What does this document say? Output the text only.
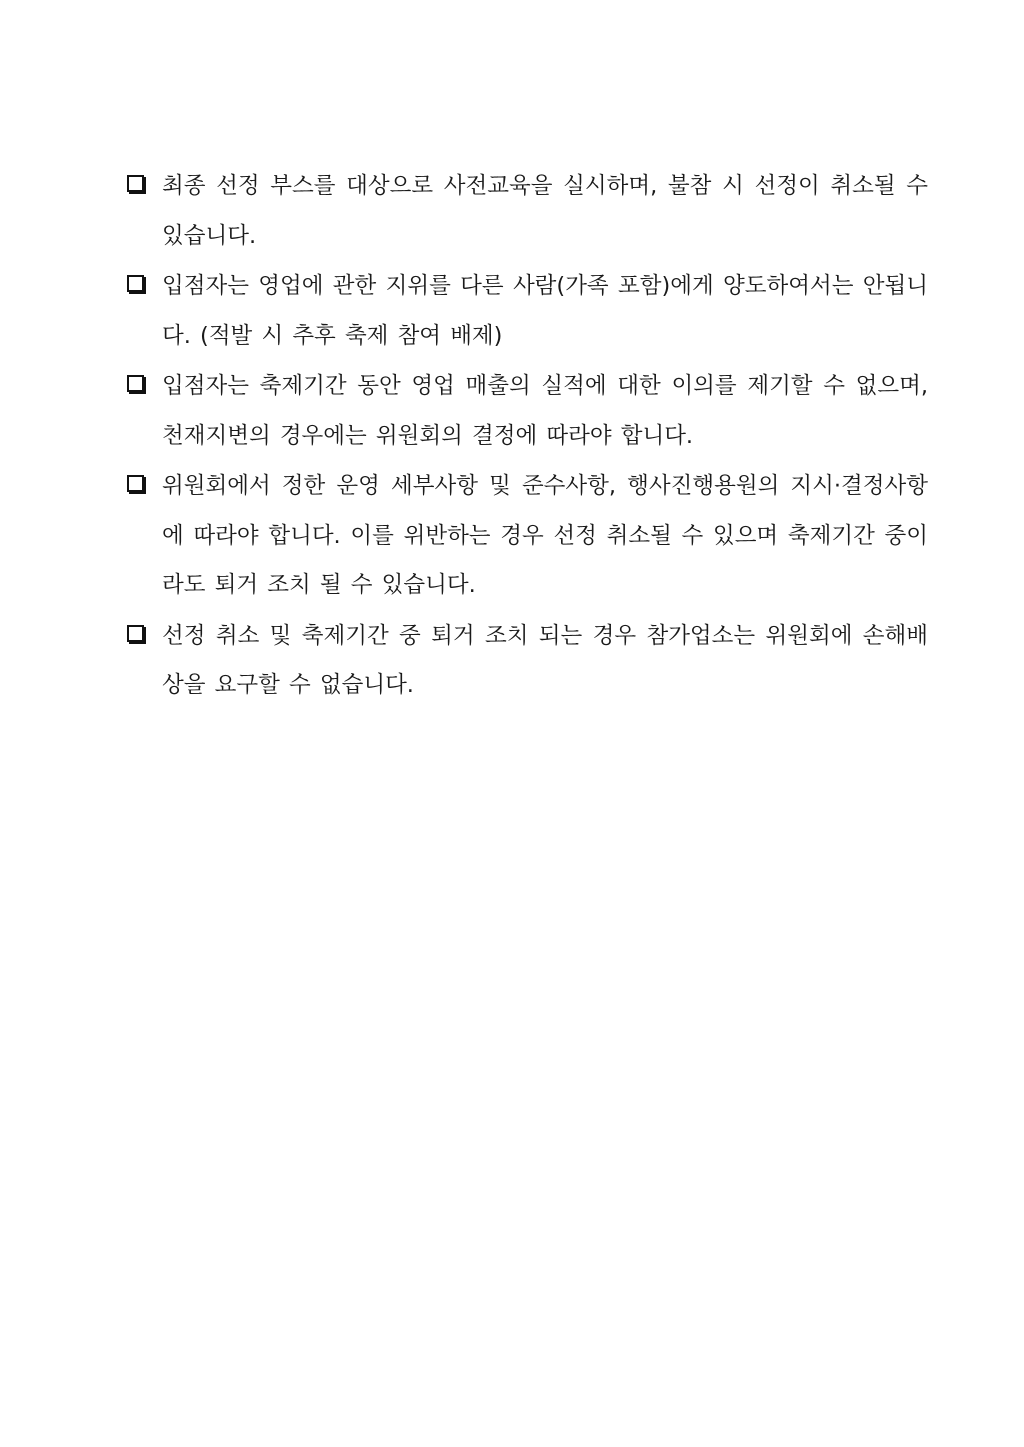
최종 선정 부스를 대상으로 사전교육을 실시하며, 불참 시 선정이 취소될 수 있습니다.

입점자는 영업에 관한 지위를 다른 사람(가족 포함)에게 양도하여서는 안됩니다. (적발 시 추후 축제 참여 배제)

입점자는 축제기간 동안 영업 매출의 실적에 대한 이의를 제기할 수 없으며, 천재지변의 경우에는 위원회의 결정에 따라야 합니다.

위원회에서 정한 운영 세부사항 및 준수사항, 행사진행용원의 지시·결정사항에 따라야 합니다. 이를 위반하는 경우 선정 취소될 수 있으며 축제기간 중이라도 퇴거 조치 될 수 있습니다.

선정 취소 및 축제기간 중 퇴거 조치 되는 경우 참가업소는 위원회에 손해배상을 요구할 수 없습니다.
